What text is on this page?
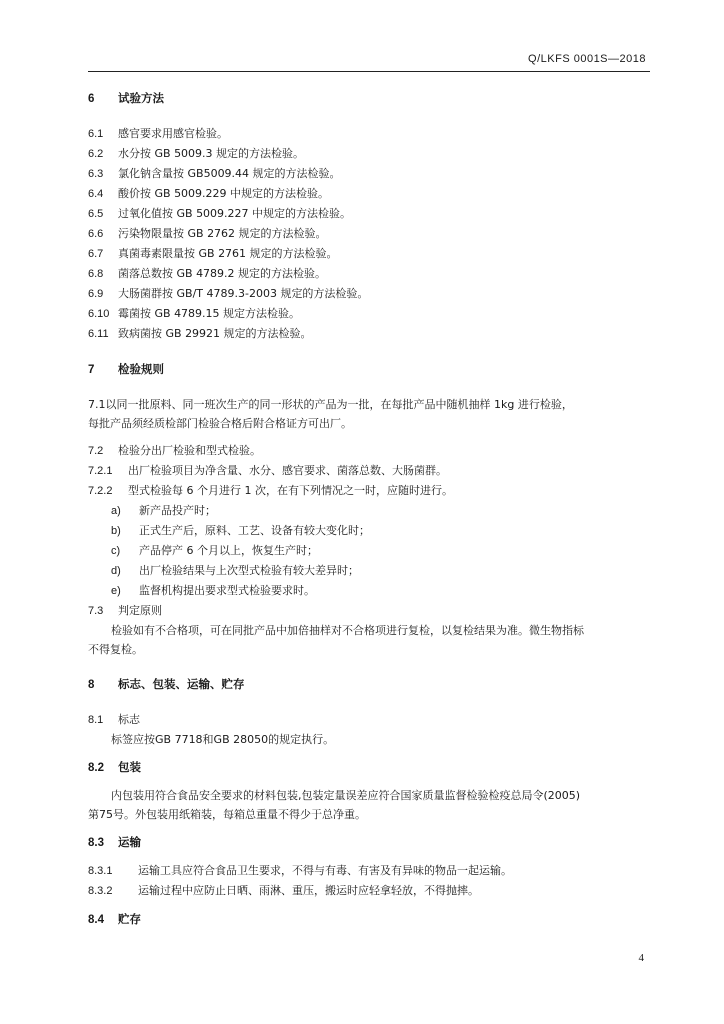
Q/LKFS 0001S—2018
6 试验方法
6.1 感官要求用感官检验。
6.2 水分按 GB 5009.3 规定的方法检验。
6.3 氯化钠含量按 GB5009.44 规定的方法检验。
6.4 酸价按 GB 5009.229 中规定的方法检验。
6.5 过氧化值按 GB 5009.227 中规定的方法检验。
6.6 污染物限量按 GB 2762 规定的方法检验。
6.7 真菌毒素限量按 GB 2761 规定的方法检验。
6.8 菌落总数按 GB 4789.2 规定的方法检验。
6.9 大肠菌群按 GB/T 4789.3-2003 规定的方法检验。
6.10 霉菌按 GB 4789.15 规定方法检验。
6.11 致病菌按 GB 29921 规定的方法检验。
7 检验规则
7.1以同一批原料、同一班次生产的同一形状的产品为一批，在每批产品中随机抽样 1kg 进行检验，
每批产品须经质检部门检验合格后附合格证方可出厂。
7.2 检验分出厂检验和型式检验。
7.2.1 出厂检验项目为净含量、水分、感官要求、菌落总数、大肠菌群。
7.2.2 型式检验每 6 个月进行 1 次，在有下列情况之一时，应随时进行。
a) 新产品投产时；
b) 正式生产后，原料、工艺、设备有较大变化时；
c) 产品停产 6 个月以上，恢复生产时；
d) 出厂检验结果与上次型式检验有较大差异时；
e) 监督机构提出要求型式检验要求时。
7.3 判定原则
检验如有不合格项，可在同批产品中加倍抽样对不合格项进行复检，以复检结果为准。微生物指标
不得复检。
8 标志、包装、运输、贮存
8.1 标志
标签应按GB 7718和GB 28050的规定执行。
8.2 包装
内包装用符合食品安全要求的材料包装,包装定量误差应符合国家质量监督检验检疫总局令(2005)
第75号。外包装用纸箱装，每箱总重量不得少于总净重。
8.3 运输
8.3.1 运输工具应符合食品卫生要求，不得与有毒、有害及有异味的物品一起运输。
8.3.2 运输过程中应防止日晒、雨淋、重压，搬运时应轻拿轻放，不得抛摔。
8.4 贮存
4
